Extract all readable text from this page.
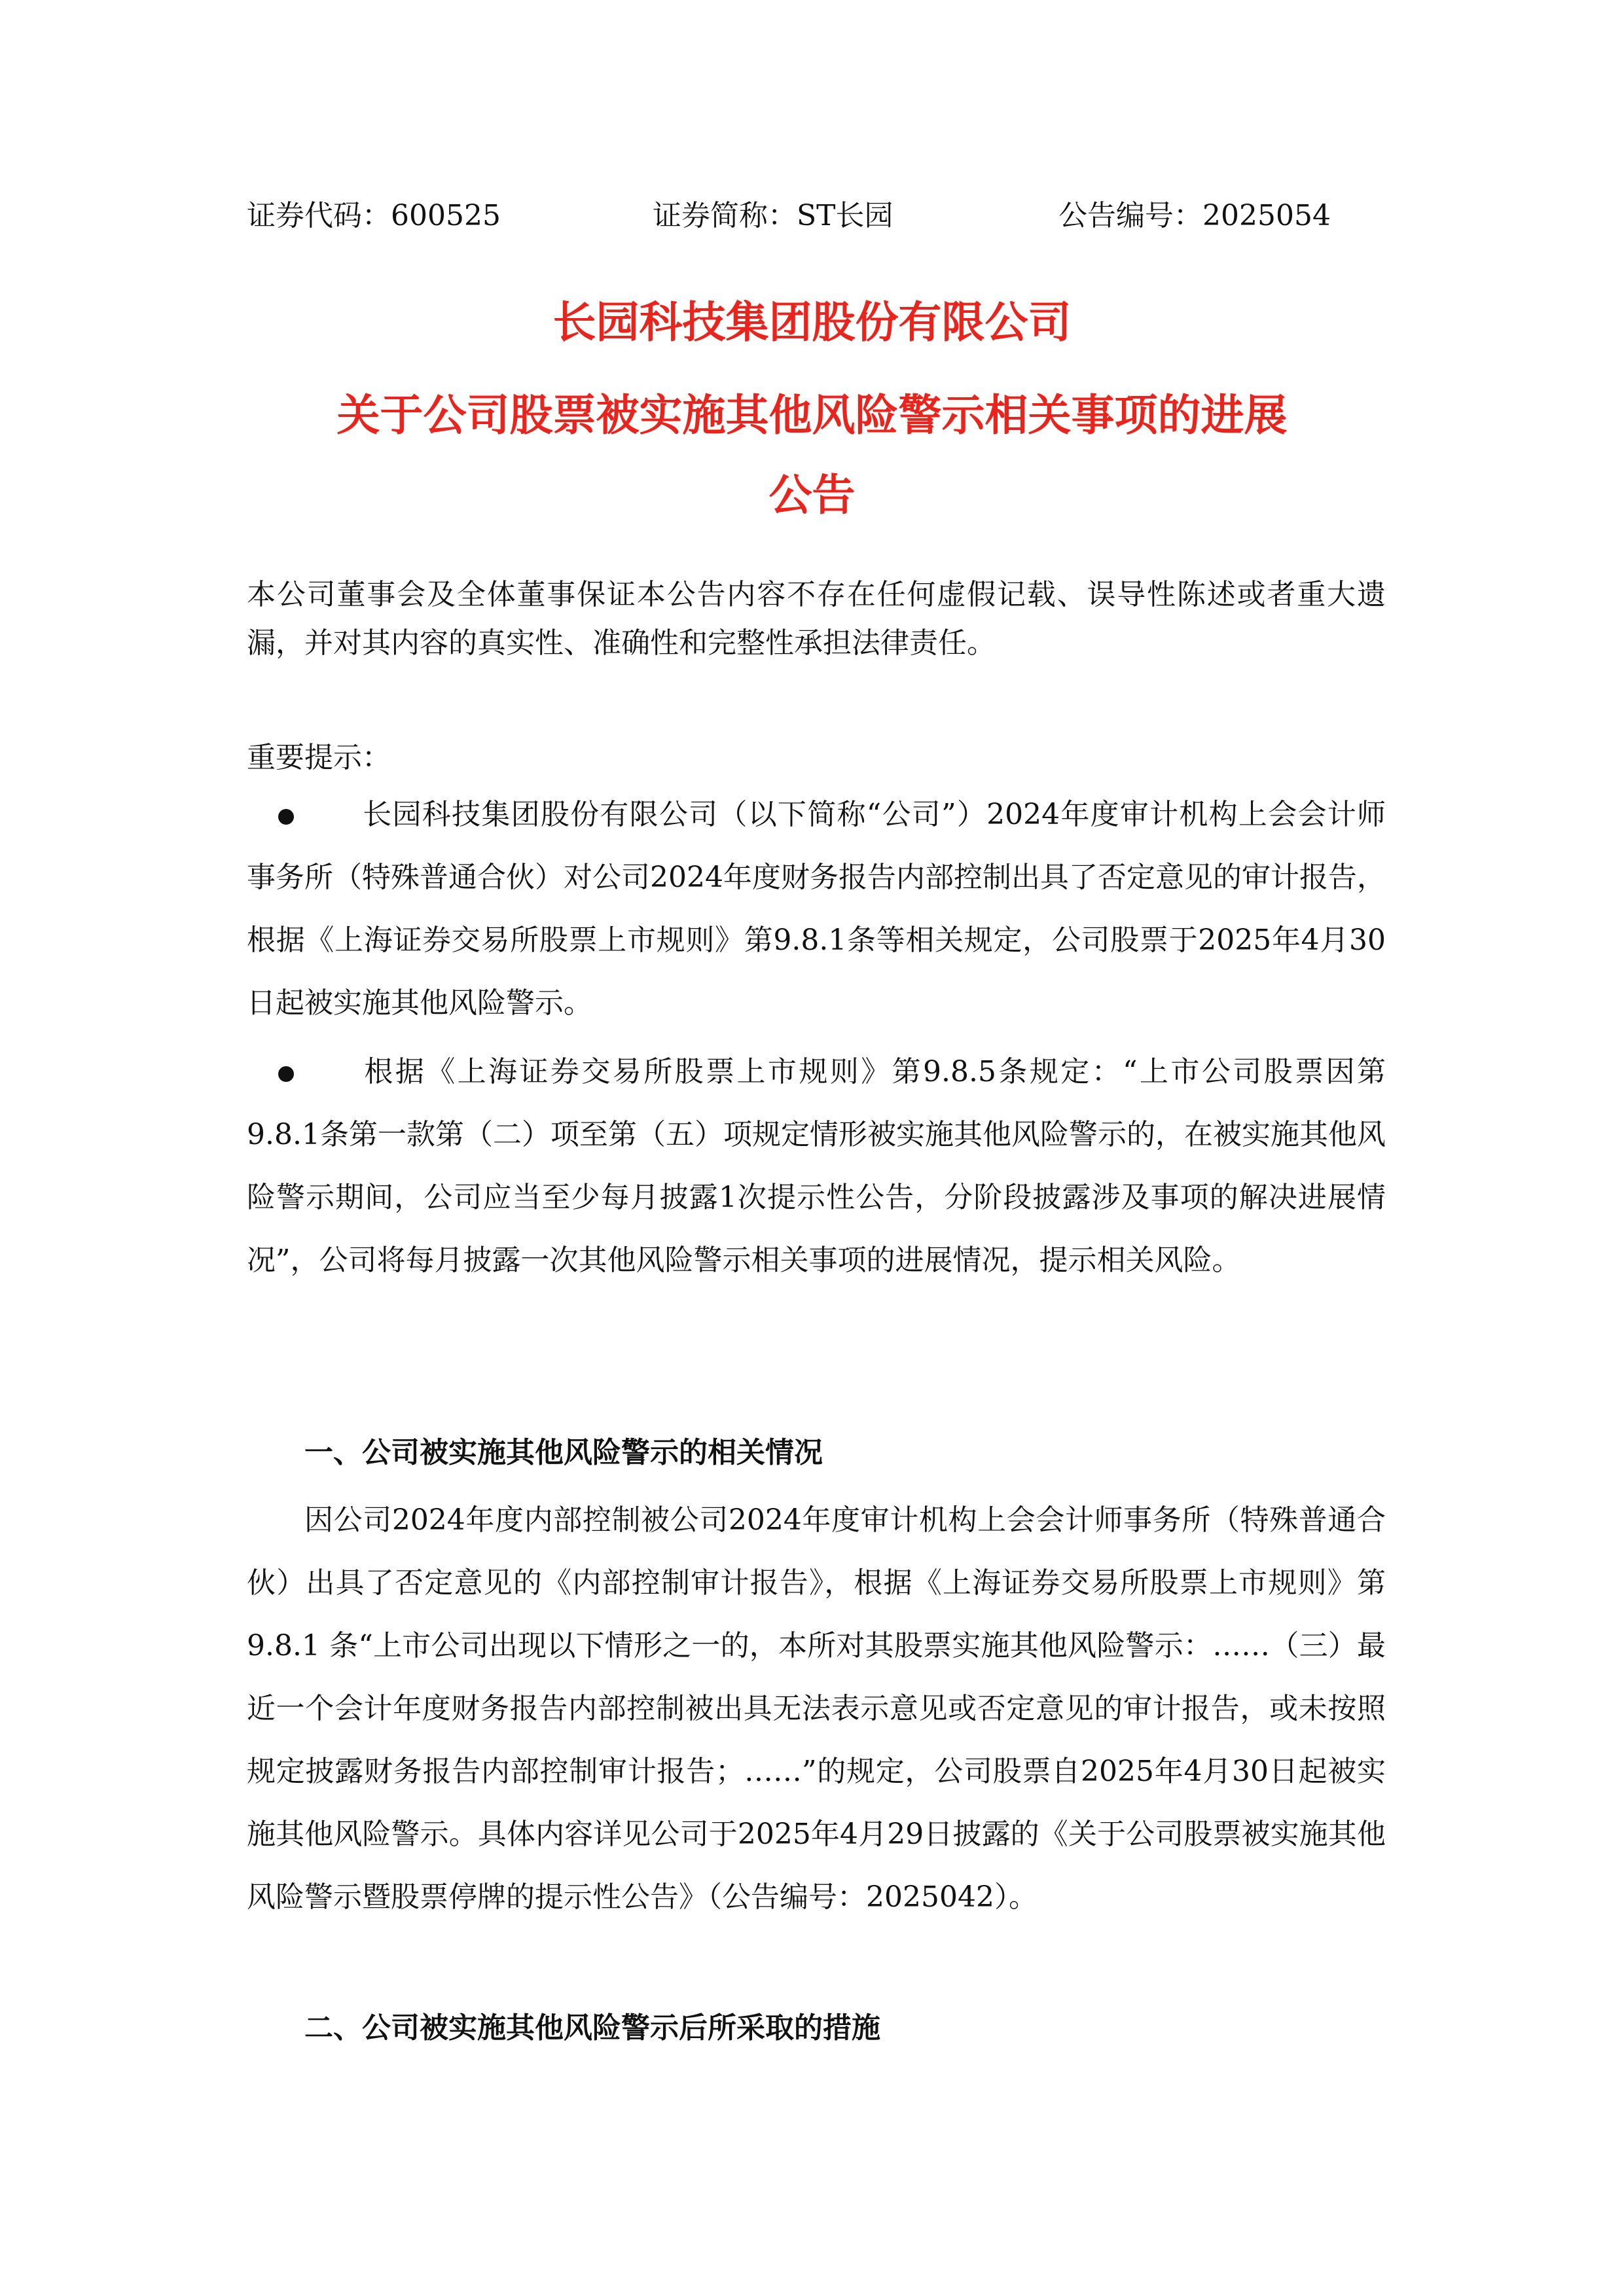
证券代码：600525	证券简称：ST长园	公告编号：2025054
长园科技集团股份有限公司
关于公司股票被实施其他风险警示相关事项的进展
公告

本公司董事会及全体董事保证本公告内容不存在任何虚假记载、误导性陈述或者重大遗漏，并对其内容的真实性、准确性和完整性承担法律责任。

重要提示：

长园科技集团股份有限公司（以下简称“公司”）2024年度审计机构上会会计师事务所（特殊普通合伙）对公司2024年度财务报告内部控制出具了否定意见的审计报告，根据《上海证券交易所股票上市规则》第9.8.1条等相关规定，公司股票于2025年4月30日起被实施其他风险警示。

根据《上海证券交易所股票上市规则》第9.8.5条规定：“上市公司股票因第9.8.1条第一款第（二）项至第（五）项规定情形被实施其他风险警示的，在被实施其他风险警示期间，公司应当至少每月披露1次提示性公告，分阶段披露涉及事项的解决进展情况”，公司将每月披露一次其他风险警示相关事项的进展情况，提示相关风险。

一、公司被实施其他风险警示的相关情况

因公司2024年度内部控制被公司2024年度审计机构上会会计师事务所（特殊普通合伙）出具了否定意见的《内部控制审计报告》，根据《上海证券交易所股票上市规则》第 9.8.1 条“上市公司出现以下情形之一的，本所对其股票实施其他风险警示：……（三）最近一个会计年度财务报告内部控制被出具无法表示意见或否定意见的审计报告，或未按照规定披露财务报告内部控制审计报告；……”的规定，公司股票自2025年4月30日起被实施其他风险警示。具体内容详见公司于2025年4月29日披露的《关于公司股票被实施其他风险警示暨股票停牌的提示性公告》（公告编号：2025042）。

二、公司被实施其他风险警示后所采取的措施
